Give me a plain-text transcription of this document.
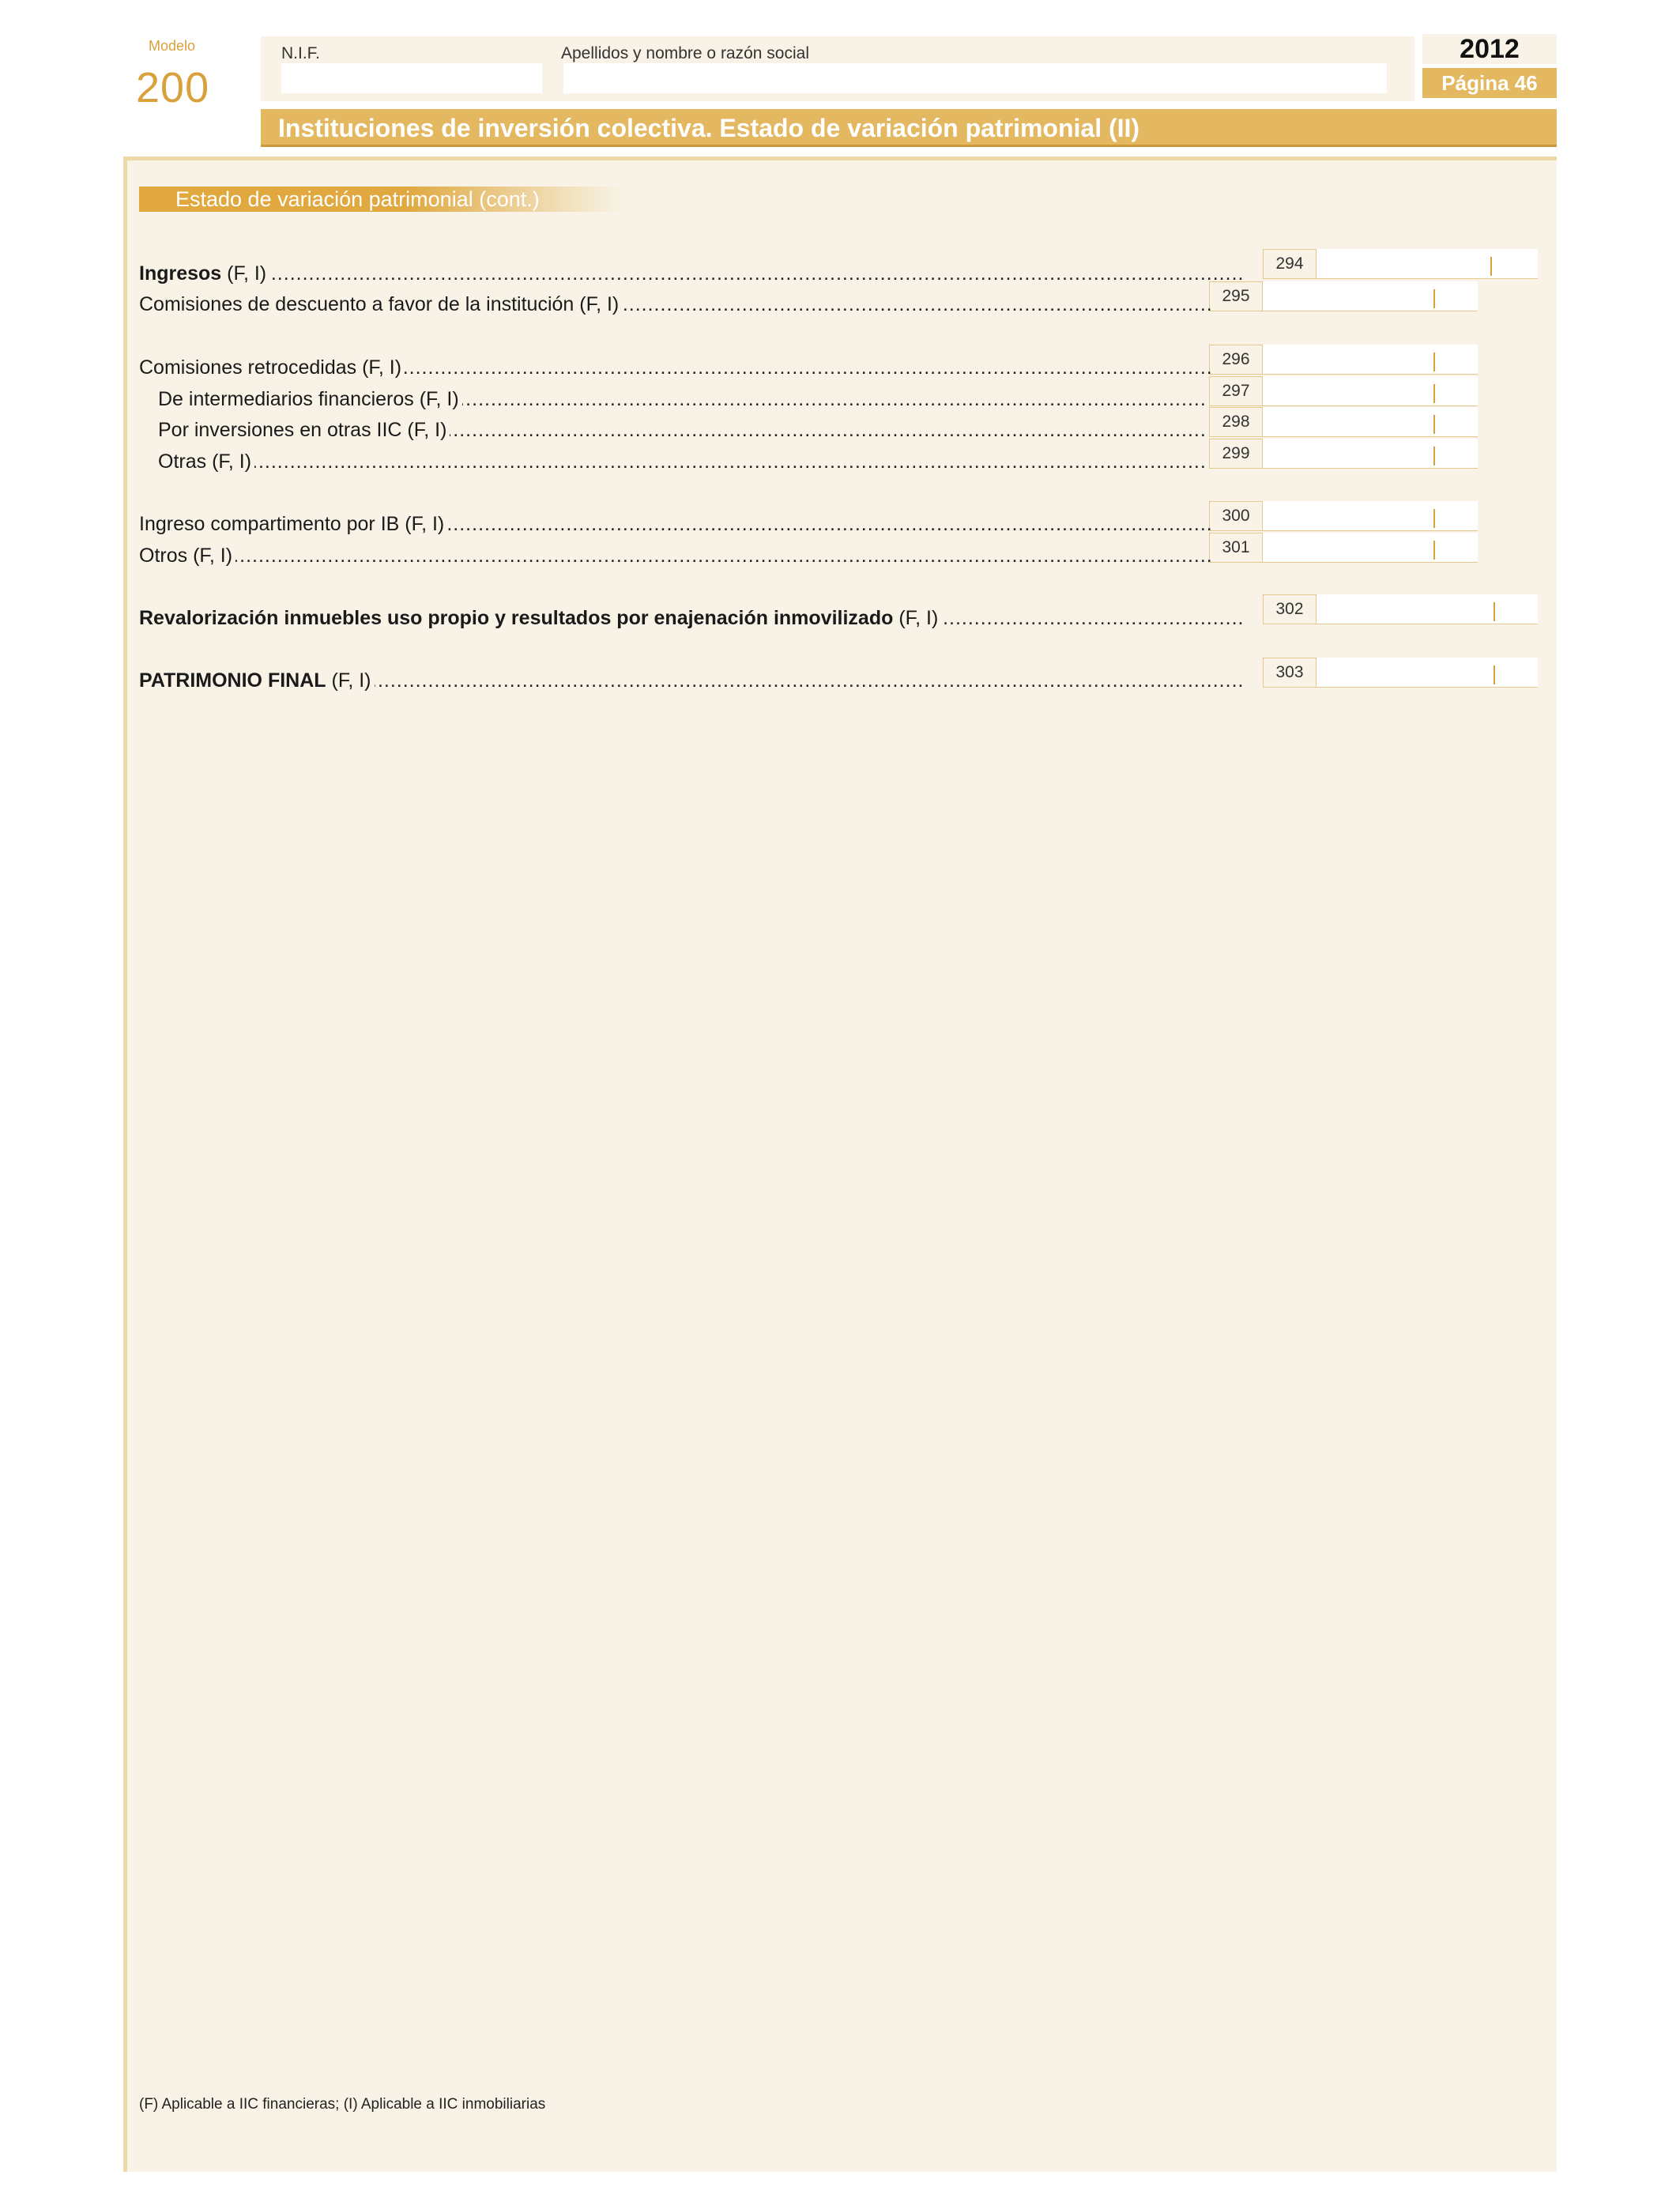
Modelo
200
N.I.F.	Apellidos y nombre o razón social	2012
Página 46
Instituciones de inversión colectiva. Estado de variación patrimonial (II)
Estado de variación patrimonial (cont.)
.....
Ingresos (F, I)	294
.....
Comisiones de descuento a favor de la institución (F, I)	295
.....
Comisiones retrocedidas (F, I)	296
.....
De intermediarios financieros (F, I)	297
.....
Por inversiones en otras IIC (F, I)	298
.....
Otras (F, I)	299
.....
Ingreso compartimento por IB (F, I)	300
.....
Otros (F, I)	301
.....
Revalorización inmuebles uso propio y resultados por enajenación inmovilizado (F, I)	302
.....
PATRIMONIO FINAL (F, I)	303
(F) Aplicable a IIC financieras; (I) Aplicable a IIC inmobiliarias
